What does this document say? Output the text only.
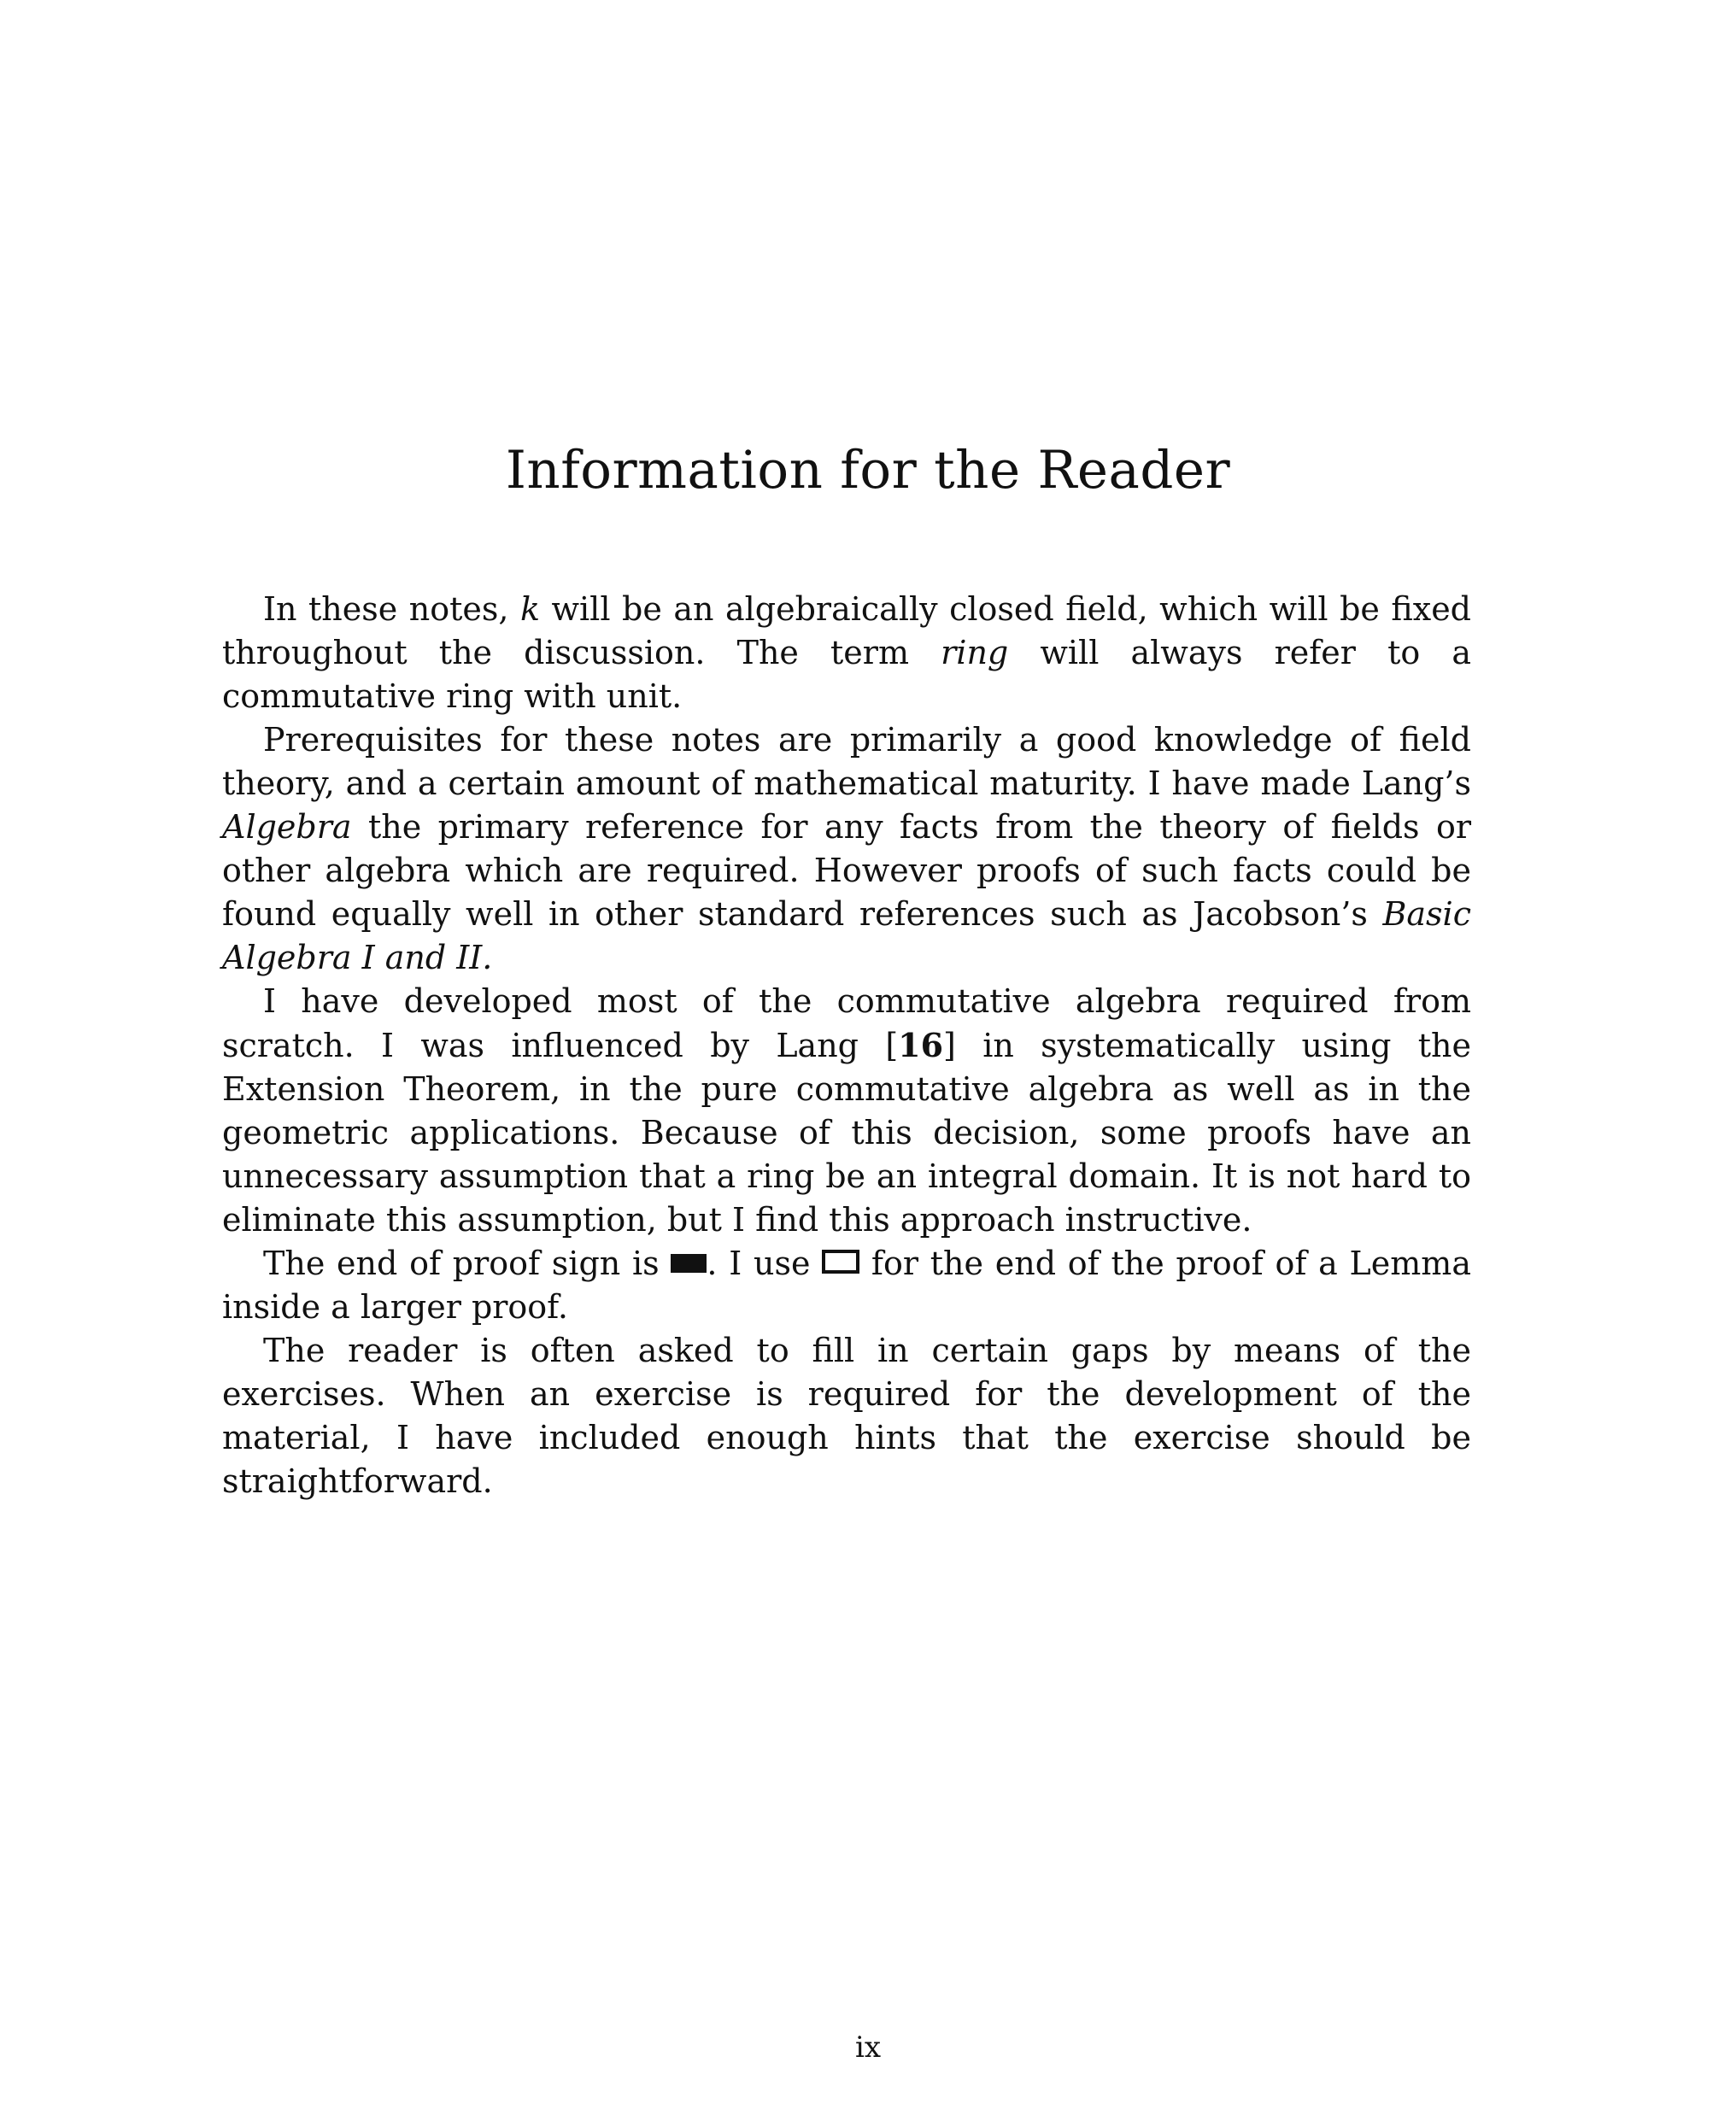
Information for the Reader

In these notes, k will be an algebraically closed field, which will be fixed throughout the discussion. The term ring will always refer to a commutative ring with unit.

Prerequisites for these notes are primarily a good knowledge of field theory, and a certain amount of mathematical maturity. I have made Lang’s Algebra the primary reference for any facts from the theory of fields or other algebra which are required. However proofs of such facts could be found equally well in other standard references such as Jacobson’s Basic Algebra I and II.

I have developed most of the commutative algebra required from scratch. I was influenced by Lang [16] in systematically using the Extension Theorem, in the pure commutative algebra as well as in the geometric applications. Because of this decision, some proofs have an unnecessary assumption that a ring be an integral domain. It is not hard to eliminate this assumption, but I find this approach instructive.

The end of proof sign is . I use  for the end of the proof of a Lemma inside a larger proof.

The reader is often asked to fill in certain gaps by means of the exercises. When an exercise is required for the development of the material, I have included enough hints that the exercise should be straightforward.

ix
